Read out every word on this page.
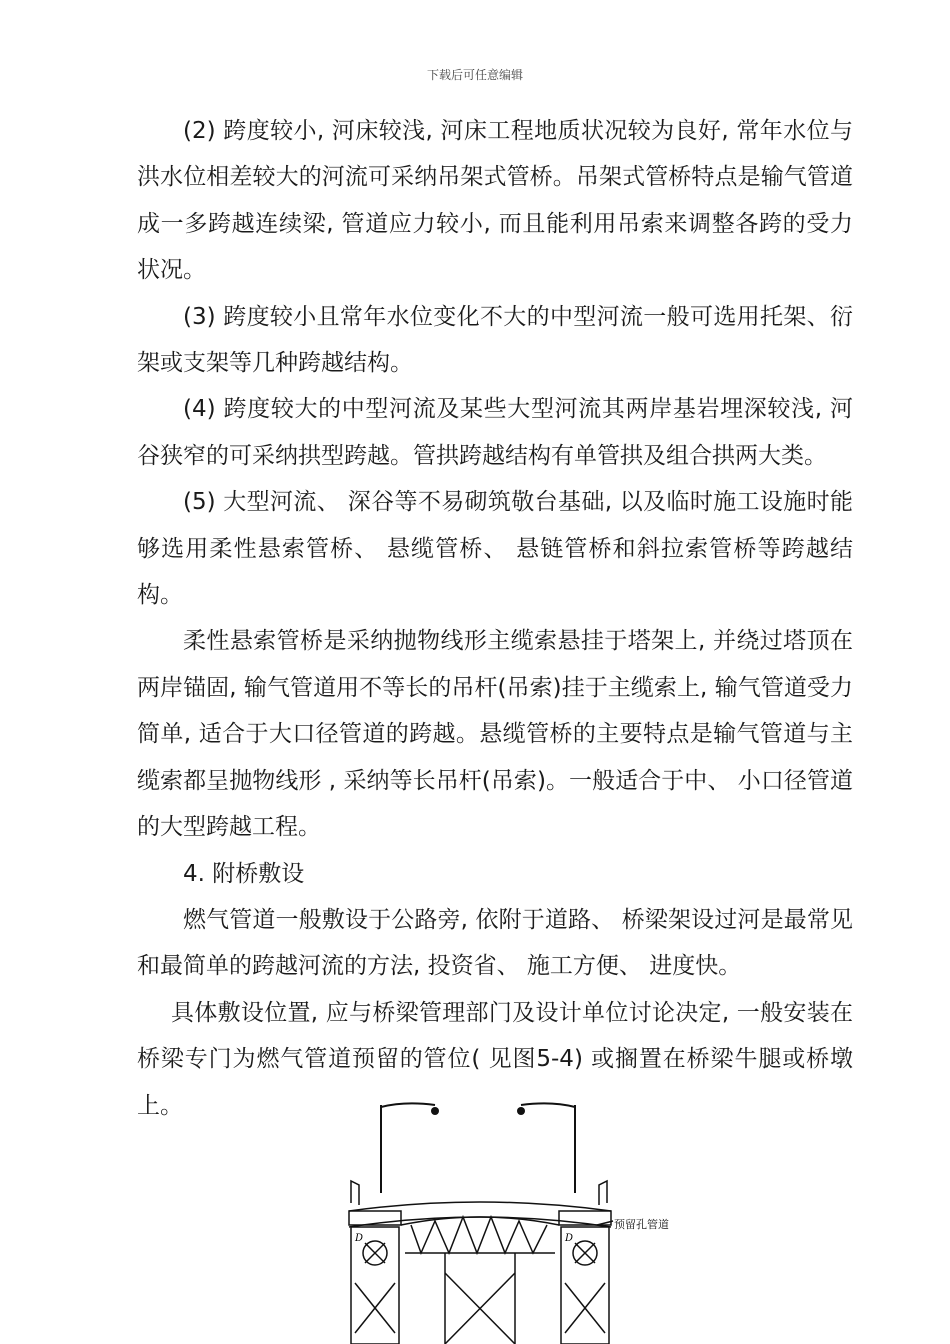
下载后可任意编辑

(2) 跨度较小, 河床较浅, 河床工程地质状况较为良好, 常年水位与洪水位相差较大的河流可采纳吊架式管桥。吊架式管桥特点是输气管道成一多跨越连续梁, 管道应力较小, 而且能利用吊索来调整各跨的受力状况。

(3) 跨度较小且常年水位变化不大的中型河流一般可选用托架、衍架或支架等几种跨越结构。

(4) 跨度较大的中型河流及某些大型河流其两岸基岩埋深较浅, 河谷狭窄的可采纳拱型跨越。管拱跨越结构有单管拱及组合拱两大类。

(5) 大型河流、 深谷等不易砌筑敬台基础, 以及临时施工设施时能够选用柔性悬索管桥、 悬缆管桥、 悬链管桥和斜拉索管桥等跨越结构。

柔性悬索管桥是采纳抛物线形主缆索悬挂于塔架上, 并绕过塔顶在两岸锚固, 输气管道用不等长的吊杆(吊索)挂于主缆索上, 输气管道受力简单, 适合于大口径管道的跨越。悬缆管桥的主要特点是输气管道与主缆索都呈抛物线形 , 采纳等长吊杆(吊索)。一般适合于中、 小口径管道的大型跨越工程。

4. 附桥敷设

燃气管道一般敷设于公路旁, 依附于道路、 桥梁架设过河是最常见和最简单的跨越河流的方法, 投资省、 施工方便、 进度快。

具体敷设位置, 应与桥梁管理部门及设计单位讨论决定, 一般安装在桥梁专门为燃气管道预留的管位( 见图5-4) 或搁置在桥梁牛腿或桥墩上。

D	D
预留孔管道
